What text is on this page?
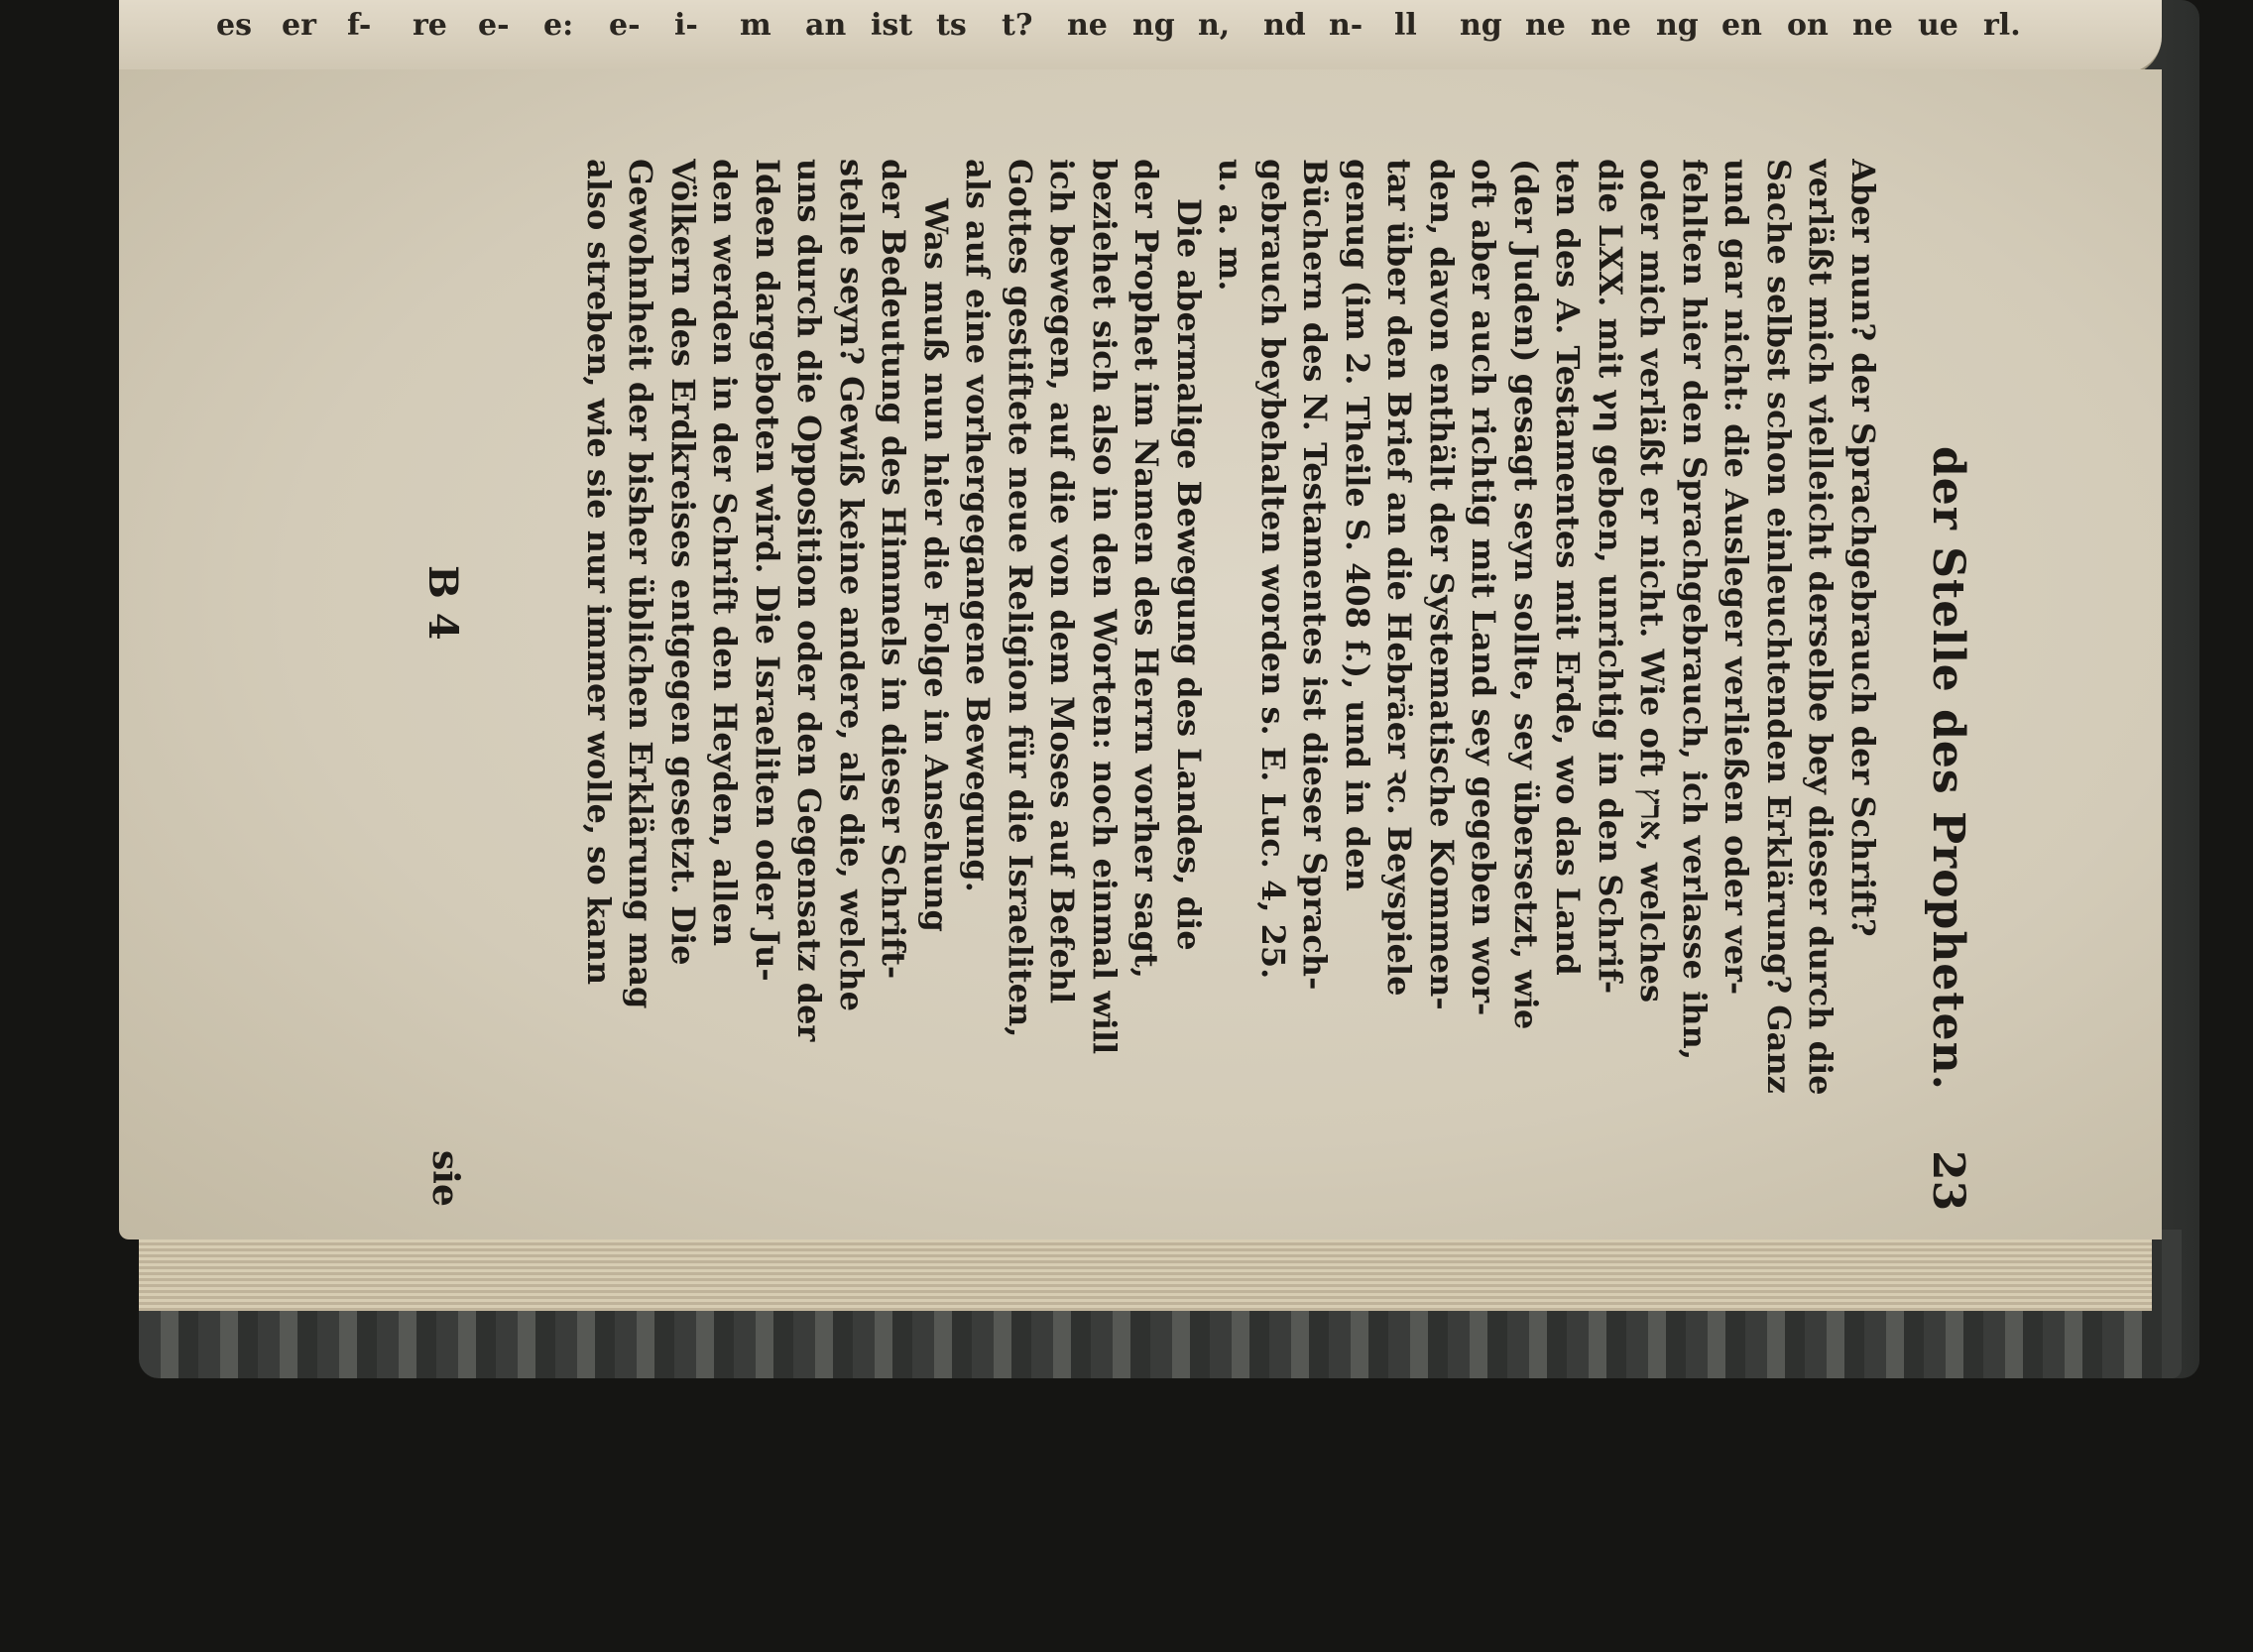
rl.
ue
ne
on
en
ng
ne
ne
ng
ll
n-
nd
n,
ng
ne
t?
ts
ist
an
m
i-
e-
e:
e-
re
f-
er
es
der Stelle des Propheten.
23
Aber nun? der Sprachgebrauch der Schrift?
verläßt mich vielleicht derselbe bey dieser durch die
Sache selbst schon einleuchtenden Erklärung? Ganz
und gar nicht: die Ausleger verließen oder ver-
fehlten hier den Sprachgebrauch, ich verlasse ihn,
oder mich verläßt er nicht. Wie oft ארץ, welches
die LXX. mit γη geben, unrichtig in den Schrif-
ten des A. Testamentes mit Erde, wo das Land
(der Juden) gesagt seyn sollte, sey übersetzt, wie
oft aber auch richtig mit Land sey gegeben wor-
den, davon enthält der Systematische Kommen-
tar über den Brief an die Hebräer ꝛc. Beyspiele
genug (im 2. Theile S. 408 f.), und in den
Büchern des N. Testamentes ist dieser Sprach-
gebrauch beybehalten worden s. E. Luc. 4, 25.
u. a. m.
Die abermalige Bewegung des Landes, die
der Prophet im Namen des Herrn vorher sagt,
beziehet sich also in den Worten: noch einmal will
ich bewegen, auf die von dem Moses auf Befehl
Gottes gestiftete neue Religion für die Israeliten,
als auf eine vorhergegangene Bewegung.
Was muß nun hier die Folge in Ansehung
der Bedeutung des Himmels in dieser Schrift-
stelle seyn? Gewiß keine andere, als die, welche
uns durch die Opposition oder den Gegensatz der
Ideen dargeboten wird. Die Israeliten oder Ju-
den werden in der Schrift den Heyden, allen
Völkern des Erdkreises entgegen gesetzt. Die
Gewohnheit der bisher üblichen Erklärung mag
also streben, wie sie nur immer wolle, so kann
B 4
sie
